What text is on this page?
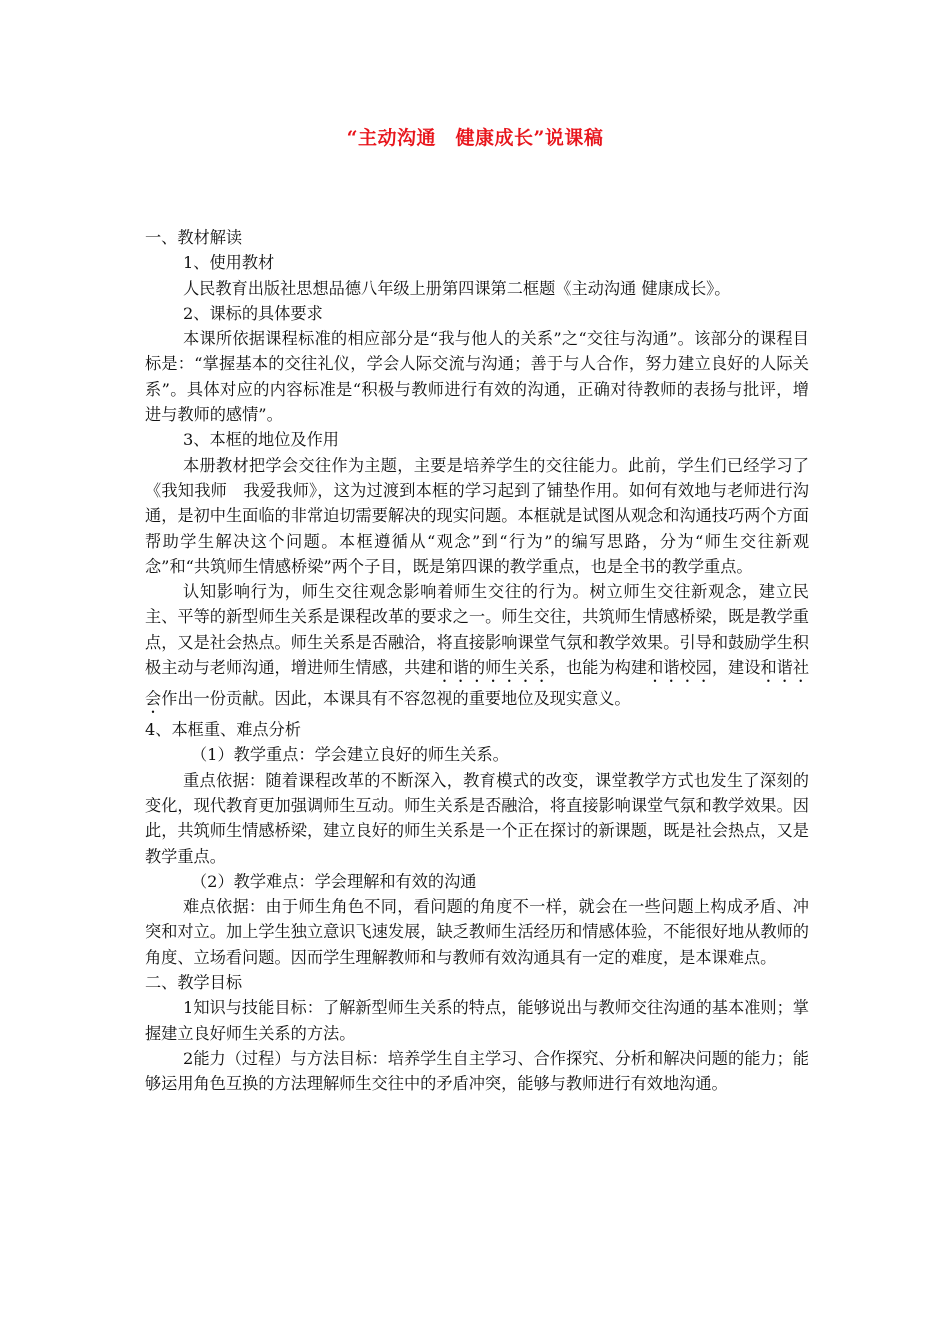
“主动沟通　健康成长”说课稿

一、教材解读

1、使用教材

人民教育出版社思想品德八年级上册第四课第二框题《主动沟通 健康成长》。

2、课标的具体要求

本课所依据课程标准的相应部分是“我与他人的关系”之“交往与沟通”。该部分的课程目标是：“掌握基本的交往礼仪，学会人际交流与沟通；善于与人合作，努力建立良好的人际关系”。具体对应的内容标准是“积极与教师进行有效的沟通，正确对待教师的表扬与批评，增进与教师的感情”。

3、本框的地位及作用

本册教材把学会交往作为主题，主要是培养学生的交往能力。此前，学生们已经学习了《我知我师　我爱我师》，这为过渡到本框的学习起到了铺垫作用。如何有效地与老师进行沟通，是初中生面临的非常迫切需要解决的现实问题。本框就是试图从观念和沟通技巧两个方面帮助学生解决这个问题。本框遵循从“观念”到“行为”的编写思路，分为“师生交往新观念”和“共筑师生情感桥梁”两个子目，既是第四课的教学重点，也是全书的教学重点。

认知影响行为，师生交往观念影响着师生交往的行为。树立师生交往新观念，建立民主、平等的新型师生关系是课程改革的要求之一。师生交往，共筑师生情感桥梁，既是教学重点，又是社会热点。师生关系是否融洽，将直接影响课堂气氛和教学效果。引导和鼓励学生积极主动与老师沟通，增进师生情感，共建和谐的师生关系，也能为构建和谐校园，建设和谐社会作出一份贡献。因此，本课具有不容忽视的重要地位及现实意义。

4、本框重、难点分析

（1）教学重点：学会建立良好的师生关系。

重点依据：随着课程改革的不断深入，教育模式的改变，课堂教学方式也发生了深刻的变化，现代教育更加强调师生互动。师生关系是否融洽，将直接影响课堂气氛和教学效果。因此，共筑师生情感桥梁，建立良好的师生关系是一个正在探讨的新课题，既是社会热点，又是教学重点。

（2）教学难点：学会理解和有效的沟通

难点依据：由于师生角色不同，看问题的角度不一样，就会在一些问题上构成矛盾、冲突和对立。加上学生独立意识飞速发展，缺乏教师生活经历和情感体验，不能很好地从教师的角度、立场看问题。因而学生理解教师和与教师有效沟通具有一定的难度，是本课难点。

二、教学目标

1知识与技能目标：了解新型师生关系的特点，能够说出与教师交往沟通的基本准则；掌握建立良好师生关系的方法。

2能力（过程）与方法目标：培养学生自主学习、合作探究、分析和解决问题的能力；能够运用角色互换的方法理解师生交往中的矛盾冲突，能够与教师进行有效地沟通。
